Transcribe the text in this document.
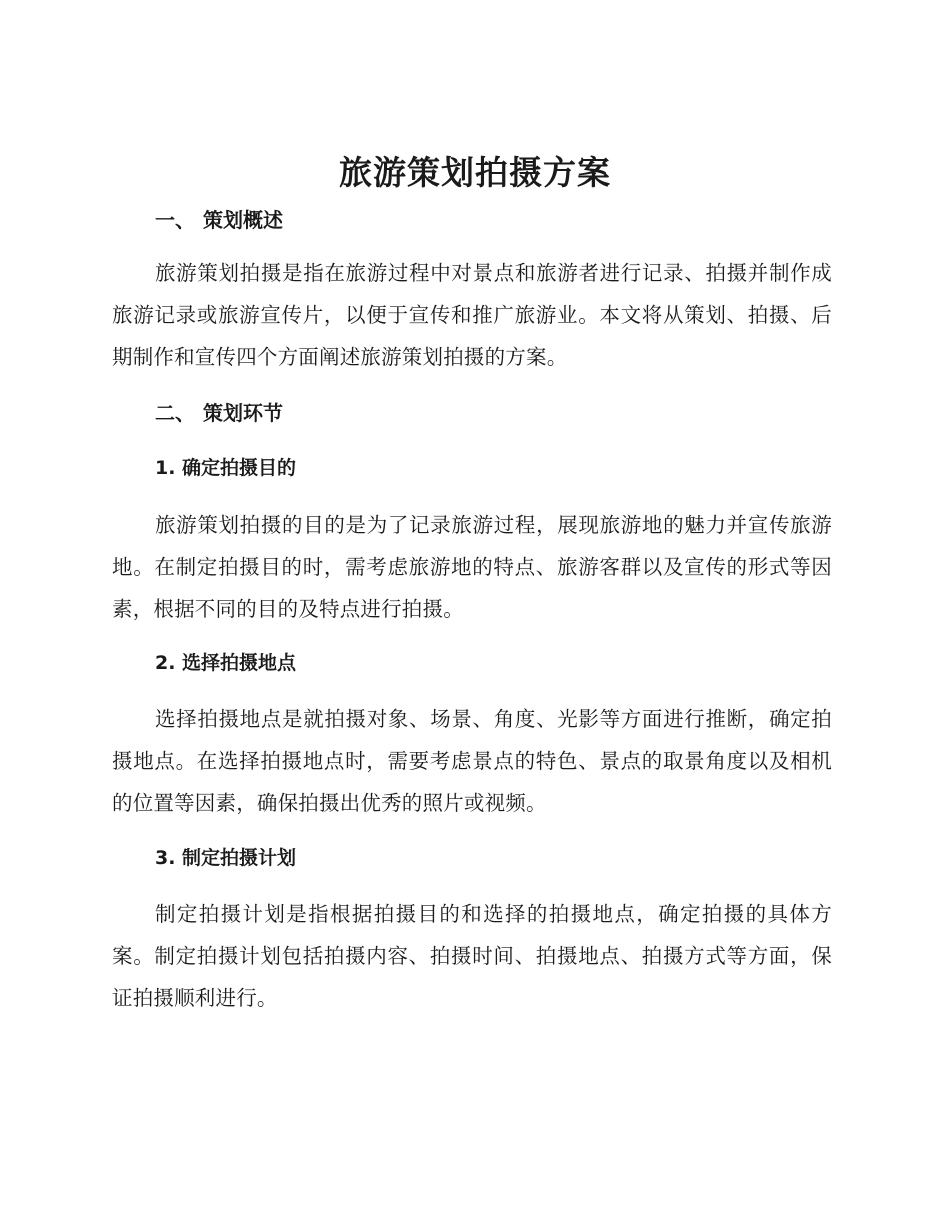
旅游策划拍摄方案
一、 策划概述

旅游策划拍摄是指在旅游过程中对景点和旅游者进行记录、拍摄并制作成旅游记录或旅游宣传片，以便于宣传和推广旅游业。本文将从策划、拍摄、后期制作和宣传四个方面阐述旅游策划拍摄的方案。

二、 策划环节
1. 确定拍摄目的

旅游策划拍摄的目的是为了记录旅游过程，展现旅游地的魅力并宣传旅游地。在制定拍摄目的时，需考虑旅游地的特点、旅游客群以及宣传的形式等因素，根据不同的目的及特点进行拍摄。

2. 选择拍摄地点

选择拍摄地点是就拍摄对象、场景、角度、光影等方面进行推断，确定拍摄地点。在选择拍摄地点时，需要考虑景点的特色、景点的取景角度以及相机的位置等因素，确保拍摄出优秀的照片或视频。

3. 制定拍摄计划

制定拍摄计划是指根据拍摄目的和选择的拍摄地点，确定拍摄的具体方案。制定拍摄计划包括拍摄内容、拍摄时间、拍摄地点、拍摄方式等方面，保证拍摄顺利进行。
